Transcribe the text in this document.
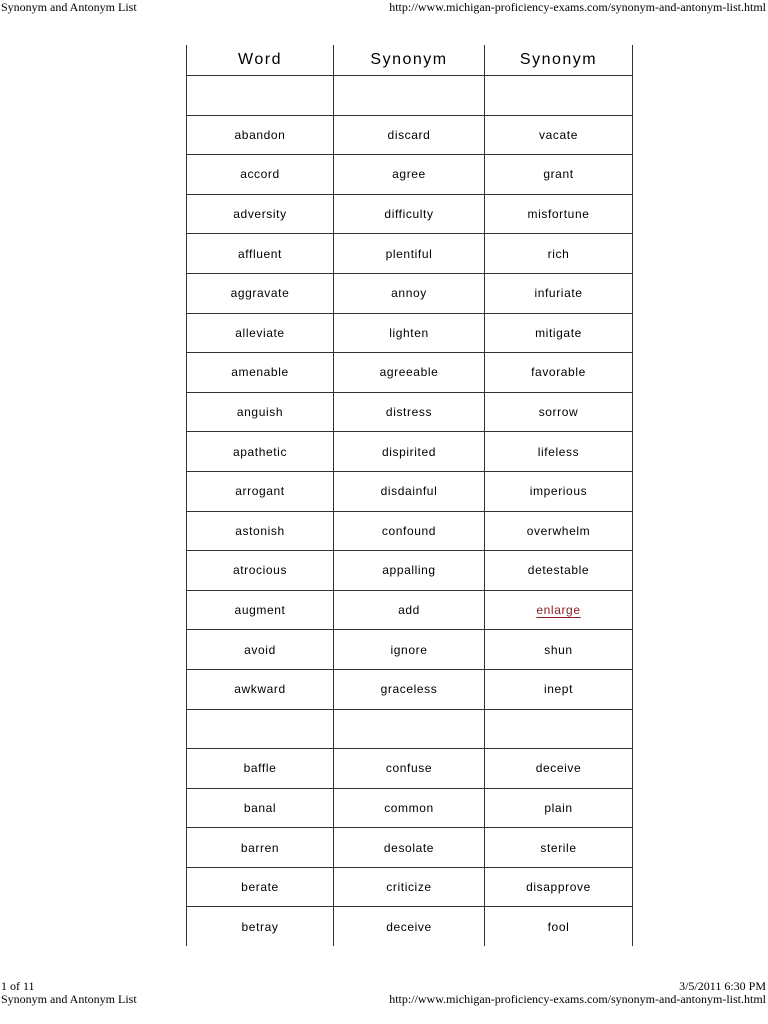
Synonym and Antonym List	http://www.michigan-proficiency-exams.com/synonym-and-antonym-list.html
Word	Synonym	Synonym

abandon	discard	vacate
accord	agree	grant
adversity	difficulty	misfortune
affluent	plentiful	rich
aggravate	annoy	infuriate
alleviate	lighten	mitigate
amenable	agreeable	favorable
anguish	distress	sorrow
apathetic	dispirited	lifeless
arrogant	disdainful	imperious
astonish	confound	overwhelm
atrocious	appalling	detestable
augment	add	enlarge
avoid	ignore	shun
awkward	graceless	inept

baffle	confuse	deceive
banal	common	plain
barren	desolate	sterile
berate	criticize	disapprove
betray	deceive	fool
1 of 11	3/5/2011 6:30 PM
Synonym and Antonym List	http://www.michigan-proficiency-exams.com/synonym-and-antonym-list.html
